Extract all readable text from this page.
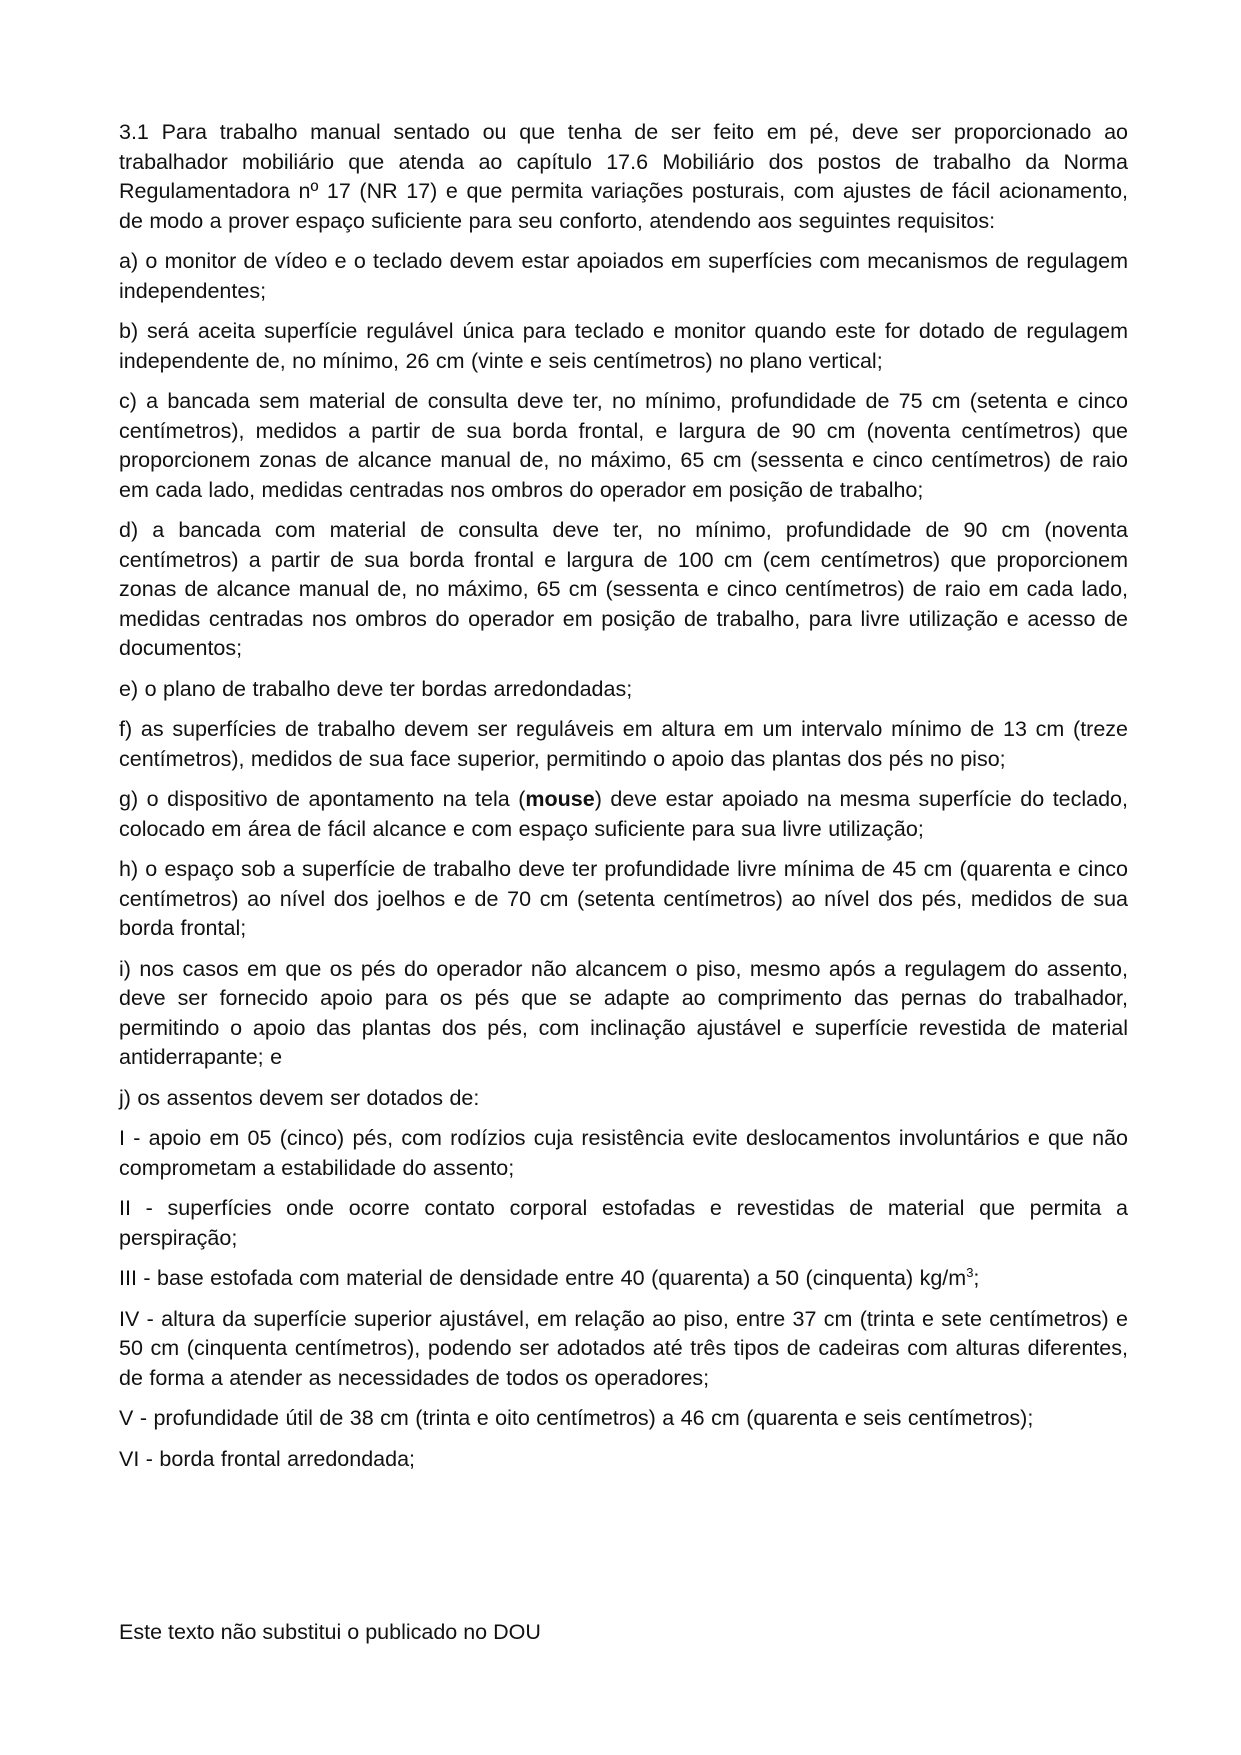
3.1 Para trabalho manual sentado ou que tenha de ser feito em pé, deve ser proporcionado ao trabalhador mobiliário que atenda ao capítulo 17.6 Mobiliário dos postos de trabalho da Norma Regulamentadora nº 17 (NR 17) e que permita variações posturais, com ajustes de fácil acionamento, de modo a prover espaço suficiente para seu conforto, atendendo aos seguintes requisitos:

a) o monitor de vídeo e o teclado devem estar apoiados em superfícies com mecanismos de regulagem independentes;

b) será aceita superfície regulável única para teclado e monitor quando este for dotado de regulagem independente de, no mínimo, 26 cm (vinte e seis centímetros) no plano vertical;

c) a bancada sem material de consulta deve ter, no mínimo, profundidade de 75 cm (setenta e cinco centímetros), medidos a partir de sua borda frontal, e largura de 90 cm (noventa centímetros) que proporcionem zonas de alcance manual de, no máximo, 65 cm (sessenta e cinco centímetros) de raio em cada lado, medidas centradas nos ombros do operador em posição de trabalho;

d) a bancada com material de consulta deve ter, no mínimo, profundidade de 90 cm (noventa centímetros) a partir de sua borda frontal e largura de 100 cm (cem centímetros) que proporcionem zonas de alcance manual de, no máximo, 65 cm (sessenta e cinco centímetros) de raio em cada lado, medidas centradas nos ombros do operador em posição de trabalho, para livre utilização e acesso de documentos;

e) o plano de trabalho deve ter bordas arredondadas;

f) as superfícies de trabalho devem ser reguláveis em altura em um intervalo mínimo de 13 cm (treze centímetros), medidos de sua face superior, permitindo o apoio das plantas dos pés no piso;

g) o dispositivo de apontamento na tela (mouse) deve estar apoiado na mesma superfície do teclado, colocado em área de fácil alcance e com espaço suficiente para sua livre utilização;

h) o espaço sob a superfície de trabalho deve ter profundidade livre mínima de 45 cm (quarenta e cinco centímetros) ao nível dos joelhos e de 70 cm (setenta centímetros) ao nível dos pés, medidos de sua borda frontal;

i) nos casos em que os pés do operador não alcancem o piso, mesmo após a regulagem do assento, deve ser fornecido apoio para os pés que se adapte ao comprimento das pernas do trabalhador, permitindo o apoio das plantas dos pés, com inclinação ajustável e superfície revestida de material antiderrapante; e

j) os assentos devem ser dotados de:

I - apoio em 05 (cinco) pés, com rodízios cuja resistência evite deslocamentos involuntários e que não comprometam a estabilidade do assento;

II - superfícies onde ocorre contato corporal estofadas e revestidas de material que permita a perspiração;

III - base estofada com material de densidade entre 40 (quarenta) a 50 (cinquenta) $kg/m^3$;

IV - altura da superfície superior ajustável, em relação ao piso, entre 37 cm (trinta e sete centímetros) e 50 cm (cinquenta centímetros), podendo ser adotados até três tipos de cadeiras com alturas diferentes, de forma a atender as necessidades de todos os operadores;

V - profundidade útil de 38 cm (trinta e oito centímetros) a 46 cm (quarenta e seis centímetros);

VI - borda frontal arredondada;

Este texto não substitui o publicado no DOU
